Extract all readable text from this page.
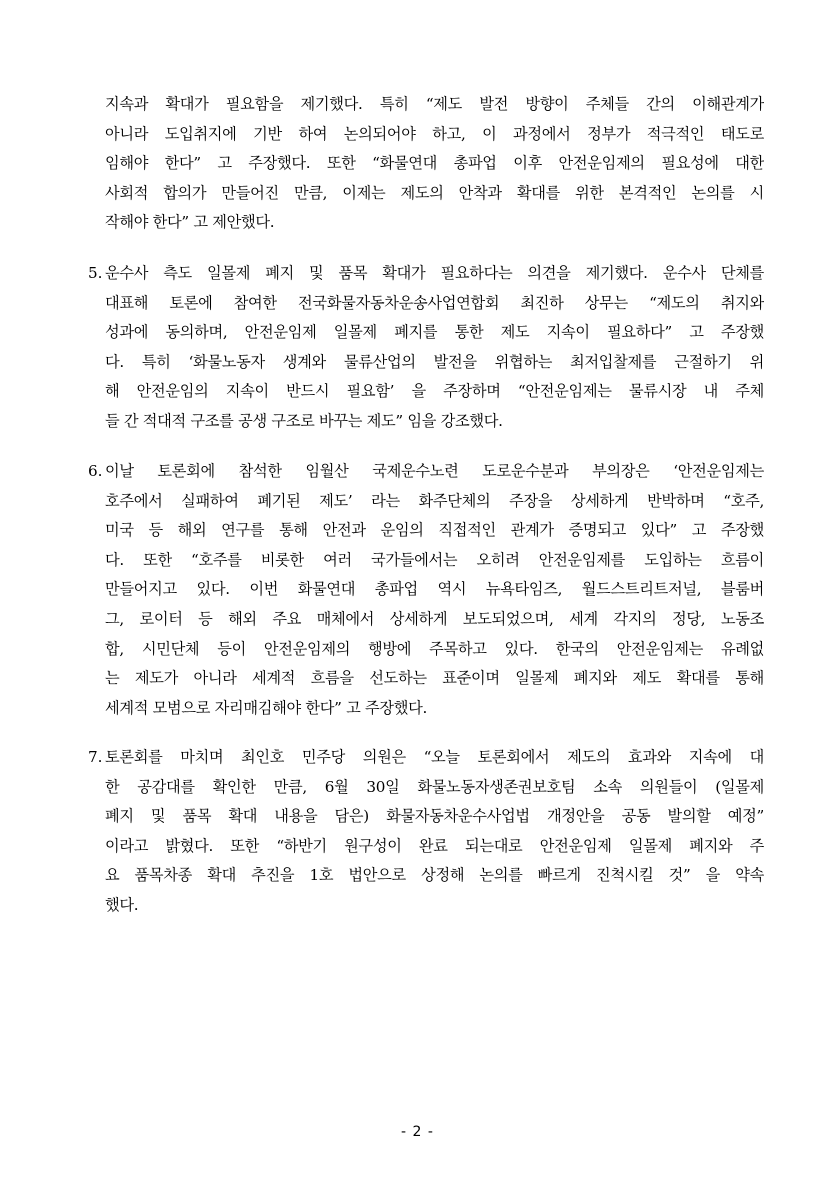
지속과 확대가 필요함을 제기했다. 특히 “제도 발전 방향이 주체들 간의 이해관계가
아니라 도입취지에 기반 하여 논의되어야 하고, 이 과정에서 정부가 적극적인 태도로
임해야 한다” 고 주장했다. 또한 “화물연대 총파업 이후 안전운임제의 필요성에 대한
사회적 합의가 만들어진 만큼, 이제는 제도의 안착과 확대를 위한 본격적인 논의를 시
작해야 한다” 고 제안했다.
5. 운수사 측도 일몰제 폐지 및 품목 확대가 필요하다는 의견을 제기했다. 운수사 단체를
대표해 토론에 참여한 전국화물자동차운송사업연합회 최진하 상무는 “제도의 취지와
성과에 동의하며, 안전운임제 일몰제 폐지를 통한 제도 지속이 필요하다” 고 주장했
다. 특히 ‘화물노동자 생계와 물류산업의 발전을 위협하는 최저입찰제를 근절하기 위
해 안전운임의 지속이 반드시 필요함’ 을 주장하며 “안전운임제는 물류시장 내 주체
들 간 적대적 구조를 공생 구조로 바꾸는 제도” 임을 강조했다.
6. 이날 토론회에 참석한 임월산 국제운수노련 도로운수분과 부의장은 ‘안전운임제는
호주에서 실패하여 폐기된 제도’ 라는 화주단체의 주장을 상세하게 반박하며 “호주,
미국 등 해외 연구를 통해 안전과 운임의 직접적인 관계가 증명되고 있다” 고 주장했
다. 또한 “호주를 비롯한 여러 국가들에서는 오히려 안전운임제를 도입하는 흐름이
만들어지고 있다. 이번 화물연대 총파업 역시 뉴욕타임즈, 월드스트리트저널, 블룸버
그, 로이터 등 해외 주요 매체에서 상세하게 보도되었으며, 세계 각지의 정당, 노동조
합, 시민단체 등이 안전운임제의 행방에 주목하고 있다. 한국의 안전운임제는 유례없
는 제도가 아니라 세계적 흐름을 선도하는 표준이며 일몰제 폐지와 제도 확대를 통해
세계적 모범으로 자리매김해야 한다” 고 주장했다.
7. 토론회를 마치며 최인호 민주당 의원은 “오늘 토론회에서 제도의 효과와 지속에 대
한 공감대를 확인한 만큼, 6월 30일 화물노동자생존권보호팀 소속 의원들이 (일몰제
폐지 및 품목 확대 내용을 담은) 화물자동차운수사업법 개정안을 공동 발의할 예정”
이라고 밝혔다. 또한 “하반기 원구성이 완료 되는대로 안전운임제 일몰제 폐지와 주
요 품목차종 확대 추진을 1호 법안으로 상정해 논의를 빠르게 진척시킬 것” 을 약속
했다.
- 2 -
